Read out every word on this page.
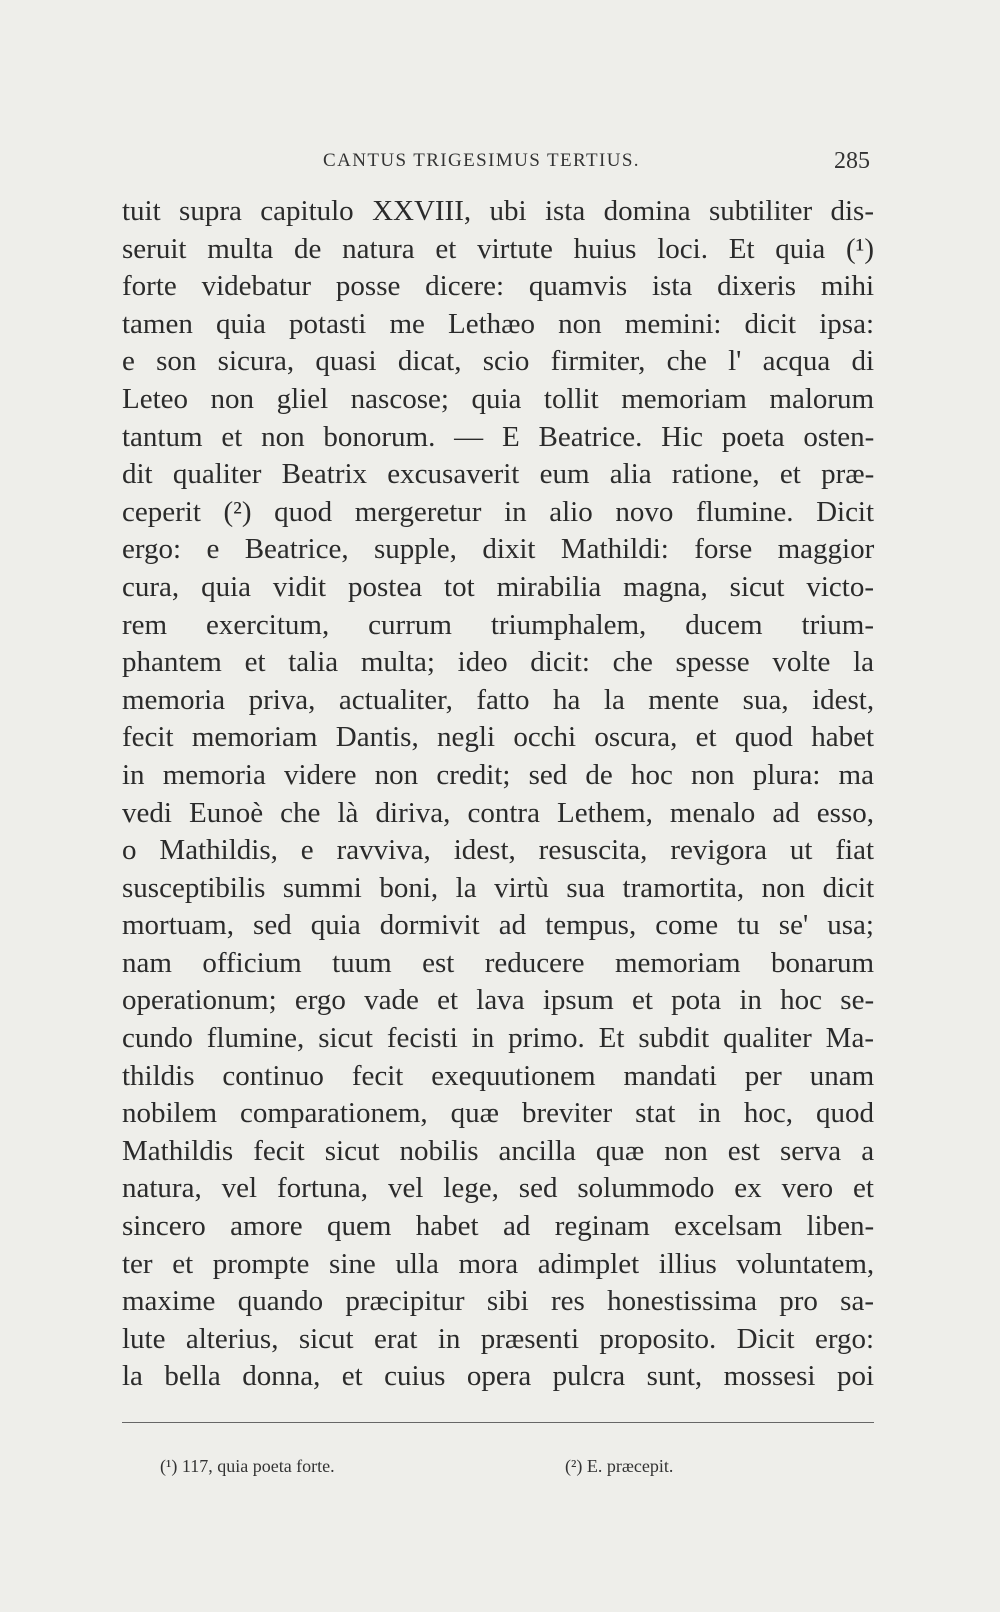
CANTUS TRIGESIMUS TERTIUS.	285
tuit supra capitulo XXVIII, ubi ista domina subtiliter dis-
seruit multa de natura et virtute huius loci. Et quia (¹)
forte videbatur posse dicere: quamvis ista dixeris mihi
tamen quia potasti me Lethæo non memini: dicit ipsa:
e son sicura, quasi dicat, scio firmiter, che l' acqua di
Leteo non gliel nascose; quia tollit memoriam malorum
tantum et non bonorum. — E Beatrice. Hic poeta osten-
dit qualiter Beatrix excusaverit eum alia ratione, et præ-
ceperit (²) quod mergeretur in alio novo flumine. Dicit
ergo: e Beatrice, supple, dixit Mathildi: forse maggior
cura, quia vidit postea tot mirabilia magna, sicut victo-
rem exercitum, currum triumphalem, ducem trium-
phantem et talia multa; ideo dicit: che spesse volte la
memoria priva, actualiter, fatto ha la mente sua, idest,
fecit memoriam Dantis, negli occhi oscura, et quod habet
in memoria videre non credit; sed de hoc non plura: ma
vedi Eunoè che là diriva, contra Lethem, menalo ad esso,
o Mathildis, e ravviva, idest, resuscita, revigora ut fiat
susceptibilis summi boni, la virtù sua tramortita, non dicit
mortuam, sed quia dormivit ad tempus, come tu se' usa;
nam officium tuum est reducere memoriam bonarum
operationum; ergo vade et lava ipsum et pota in hoc se-
cundo flumine, sicut fecisti in primo. Et subdit qualiter Ma-
thildis continuo fecit exequutionem mandati per unam
nobilem comparationem, quæ breviter stat in hoc, quod
Mathildis fecit sicut nobilis ancilla quæ non est serva a
natura, vel fortuna, vel lege, sed solummodo ex vero et
sincero amore quem habet ad reginam excelsam liben-
ter et prompte sine ulla mora adimplet illius voluntatem,
maxime quando præcipitur sibi res honestissima pro sa-
lute alterius, sicut erat in præsenti proposito. Dicit ergo:
la bella donna, et cuius opera pulcra sunt, mossesi poi
(¹) 117, quia poeta forte.	(²) E. præcepit.
